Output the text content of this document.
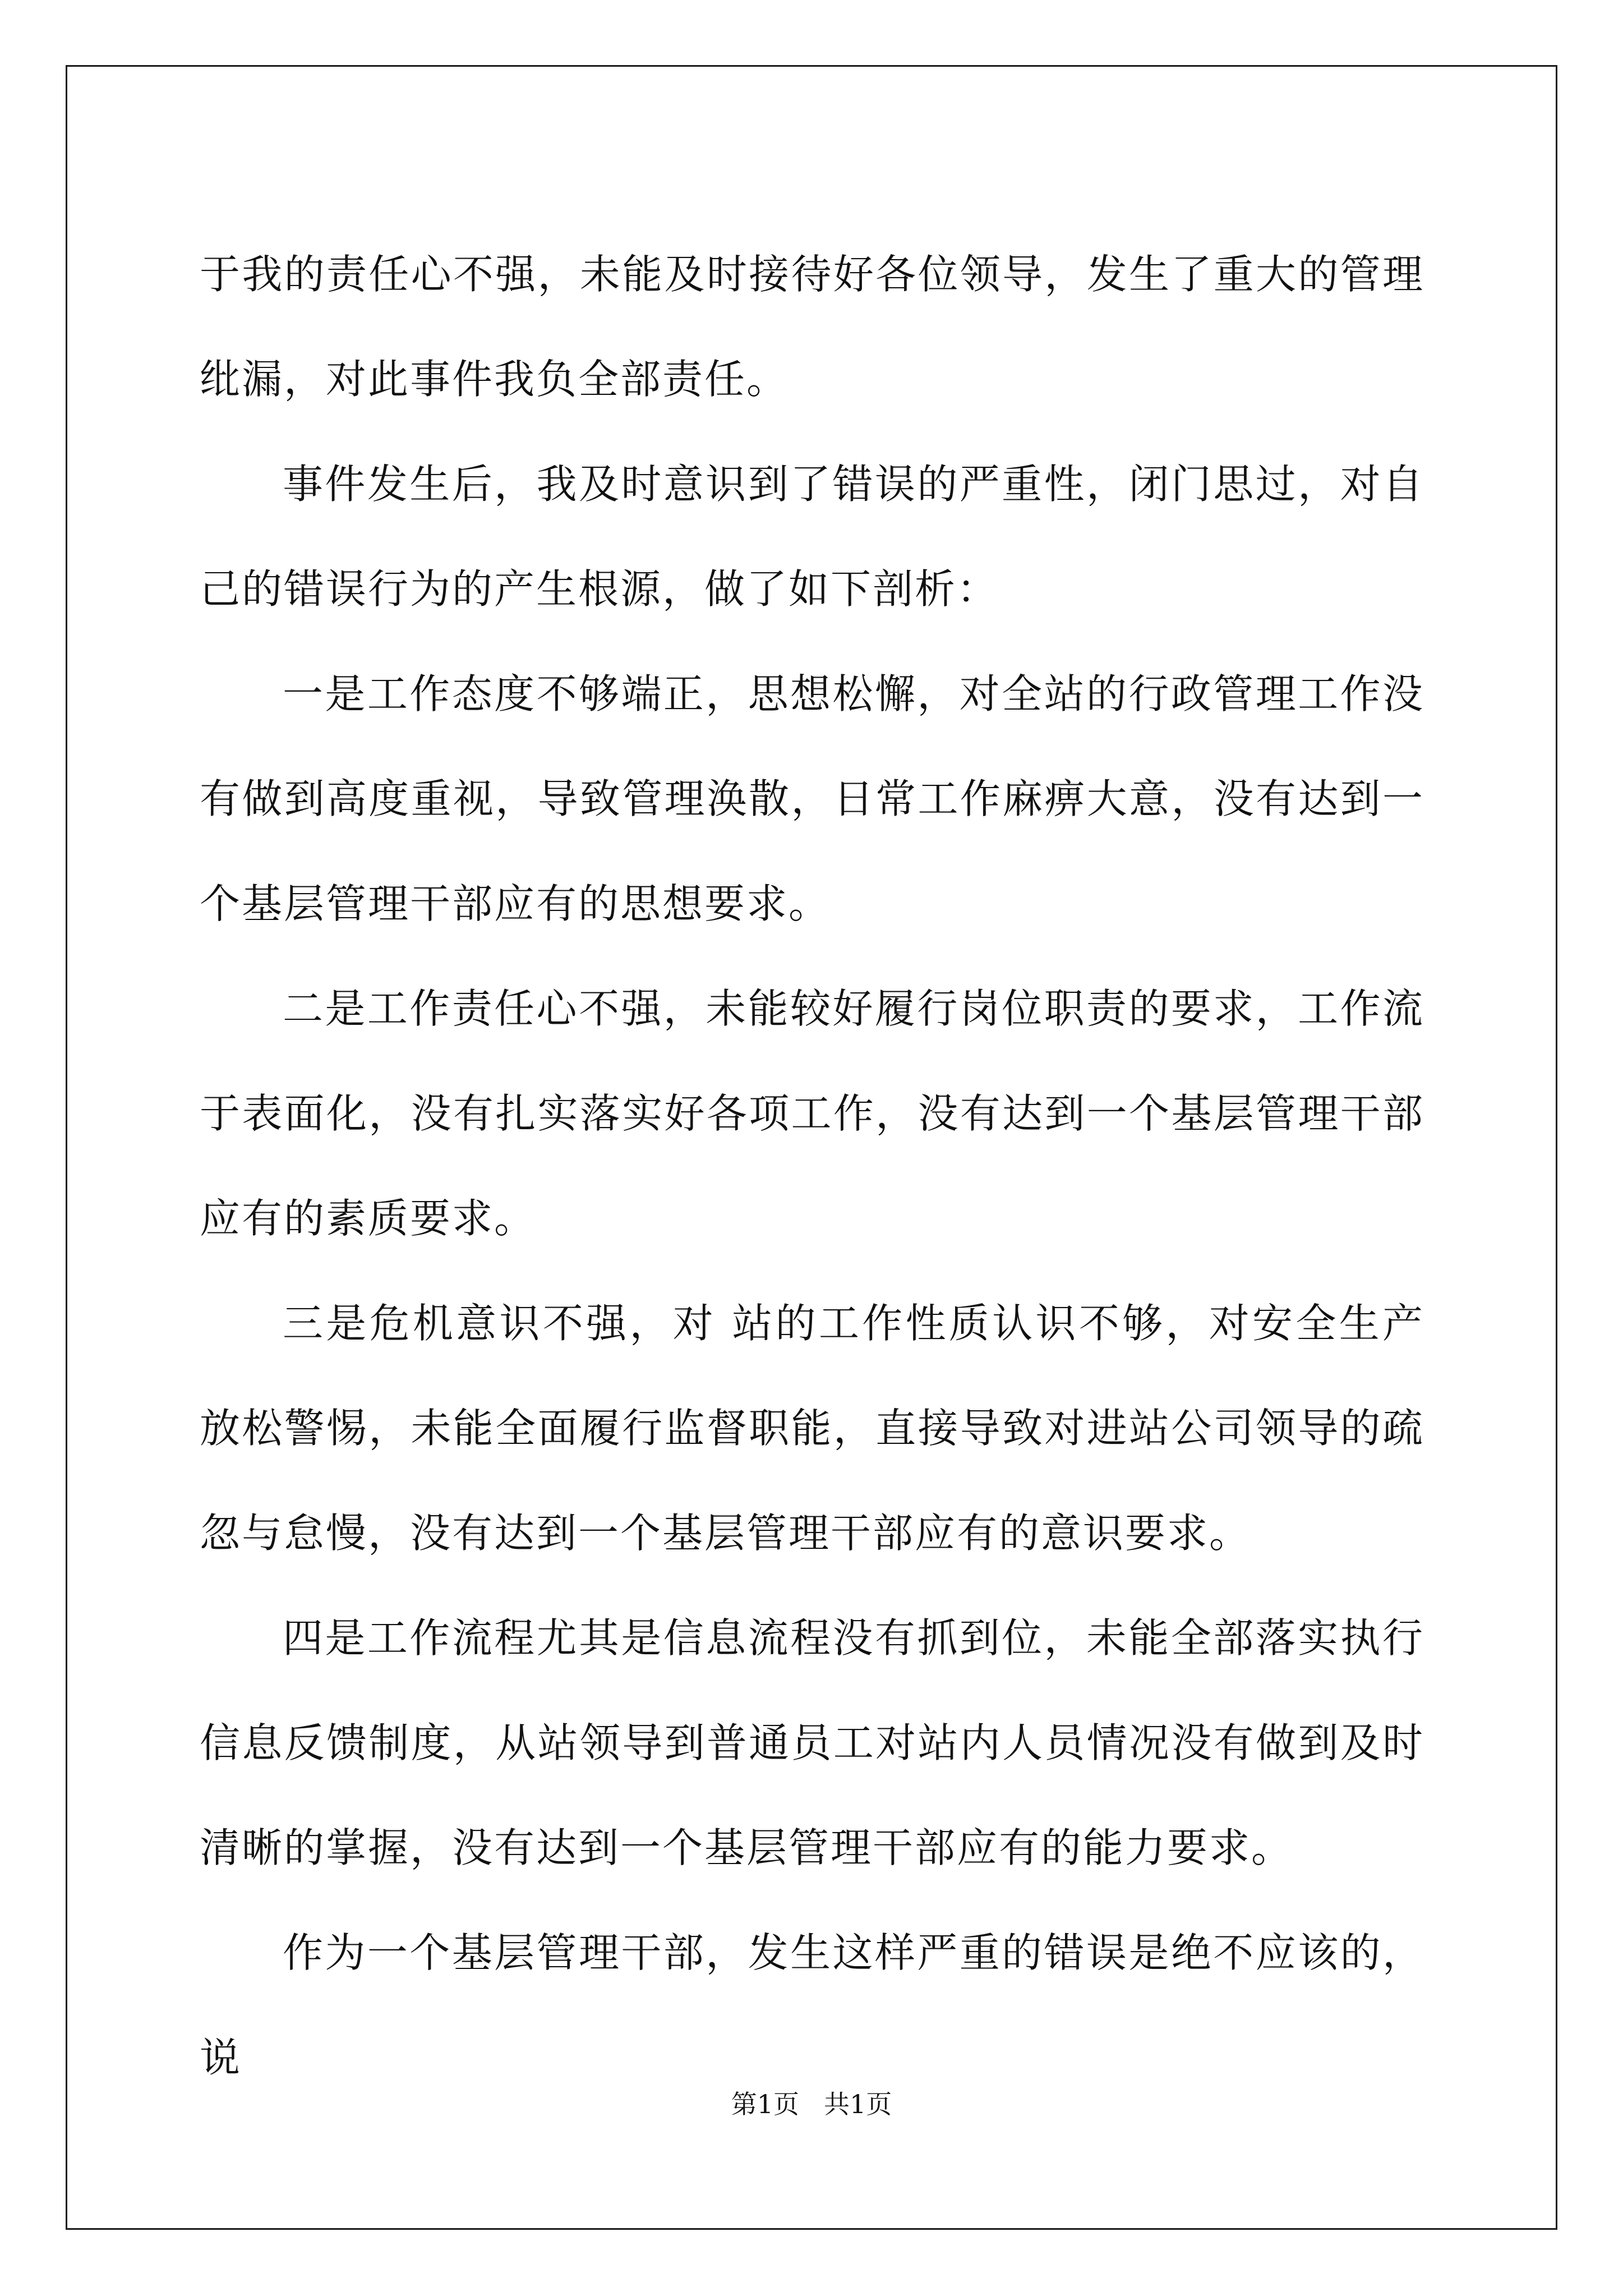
于我的责任心不强，未能及时接待好各位领导，发生了重大的管理纰漏，对此事件我负全部责任。

事件发生后，我及时意识到了错误的严重性，闭门思过，对自己的错误行为的产生根源，做了如下剖析：

一是工作态度不够端正，思想松懈，对全站的行政管理工作没有做到高度重视，导致管理涣散，日常工作麻痹大意，没有达到一个基层管理干部应有的思想要求。

二是工作责任心不强，未能较好履行岗位职责的要求，工作流于表面化，没有扎实落实好各项工作，没有达到一个基层管理干部应有的素质要求。

三是危机意识不强，对 站的工作性质认识不够，对安全生产放松警惕，未能全面履行监督职能，直接导致对进站公司领导的疏忽与怠慢，没有达到一个基层管理干部应有的意识要求。

四是工作流程尤其是信息流程没有抓到位，未能全部落实执行信息反馈制度，从站领导到普通员工对站内人员情况没有做到及时清晰的掌握，没有达到一个基层管理干部应有的能力要求。

作为一个基层管理干部，发生这样严重的错误是绝不应该的，说

第1页 共1页
